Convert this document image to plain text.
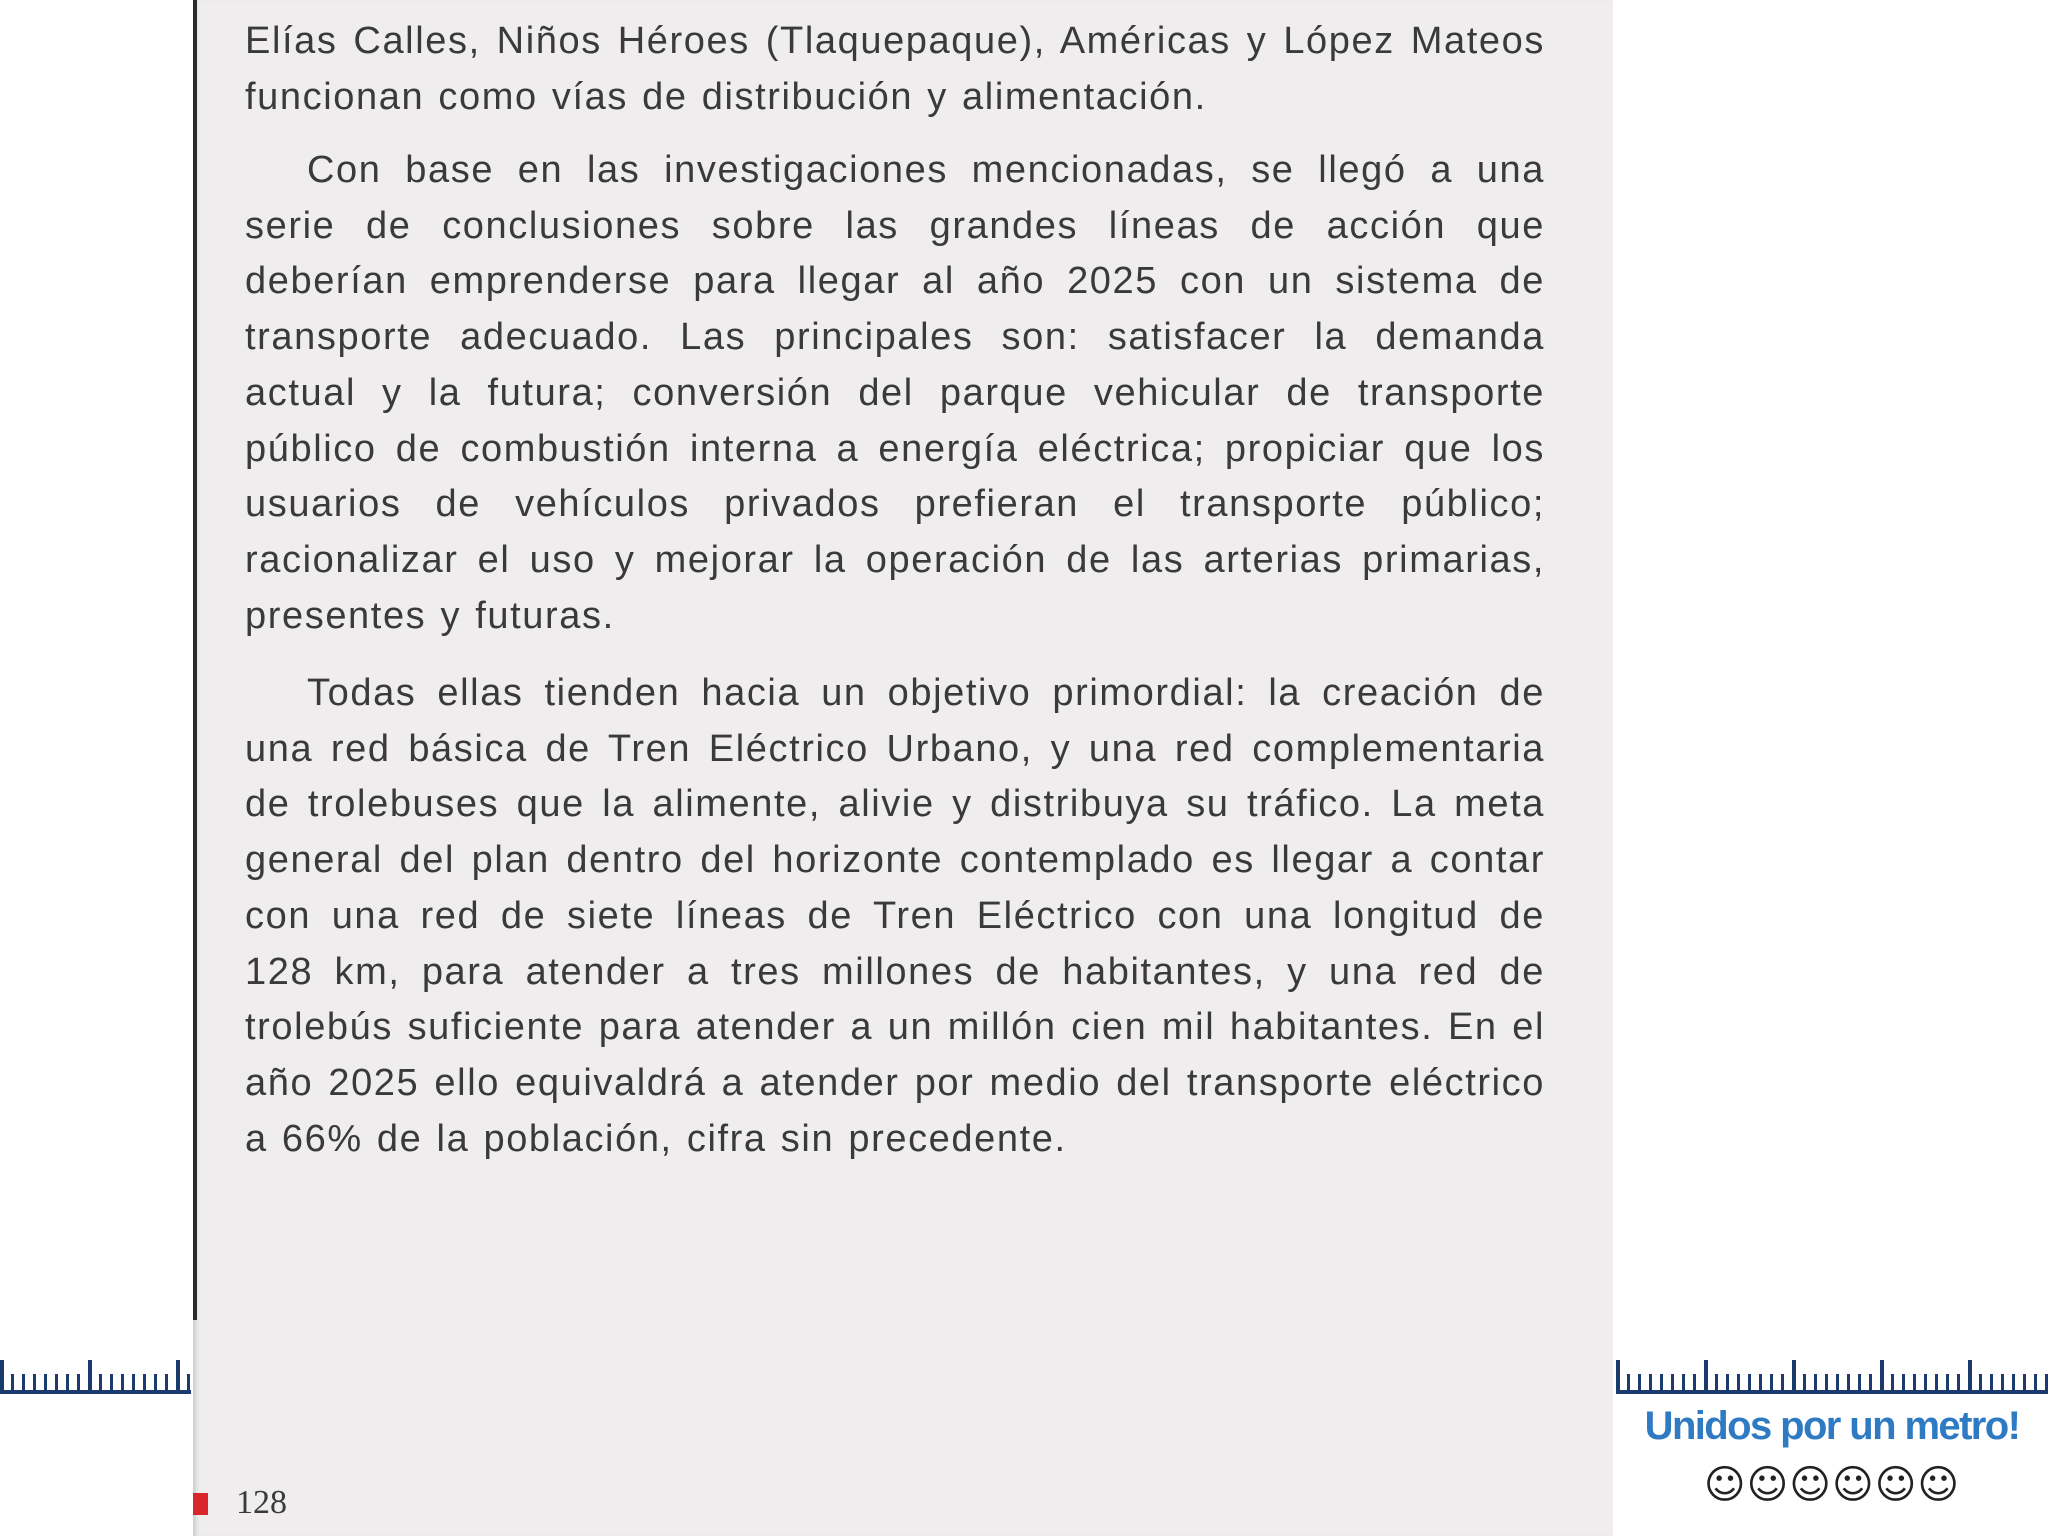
Elías Calles, Niños Héroes (Tlaquepaque), Américas y López Mateos funcionan como vías de distribución y alimentación.

Con base en las investigaciones mencionadas, se llegó a una serie de conclusiones sobre las grandes líneas de acción que deberían emprenderse para llegar al año 2025 con un sistema de transporte adecuado. Las principales son: satisfacer la demanda actual y la futura; conversión del parque vehicular de transporte público de combustión interna a energía eléctrica; propiciar que los usuarios de vehículos privados prefieran el transporte público; racionalizar el uso y mejorar la operación de las arterias primarias, presentes y futuras.

Todas ellas tienden hacia un objetivo primordial: la creación de una red básica de Tren Eléctrico Urbano, y una red complementaria de trolebuses que la alimente, alivie y distribuya su tráfico. La meta general del plan dentro del horizonte contemplado es llegar a contar con una red de siete líneas de Tren Eléctrico con una longitud de 128 km, para atender a tres millones de habitantes, y una red de trolebús suficiente para atender a un millón cien mil habitantes. En el año 2025 ello equivaldrá a atender por medio del transporte eléctrico a 66% de la población, cifra sin precedente.

128
Unidos por un metro!
☺☺☺☺☺☺
